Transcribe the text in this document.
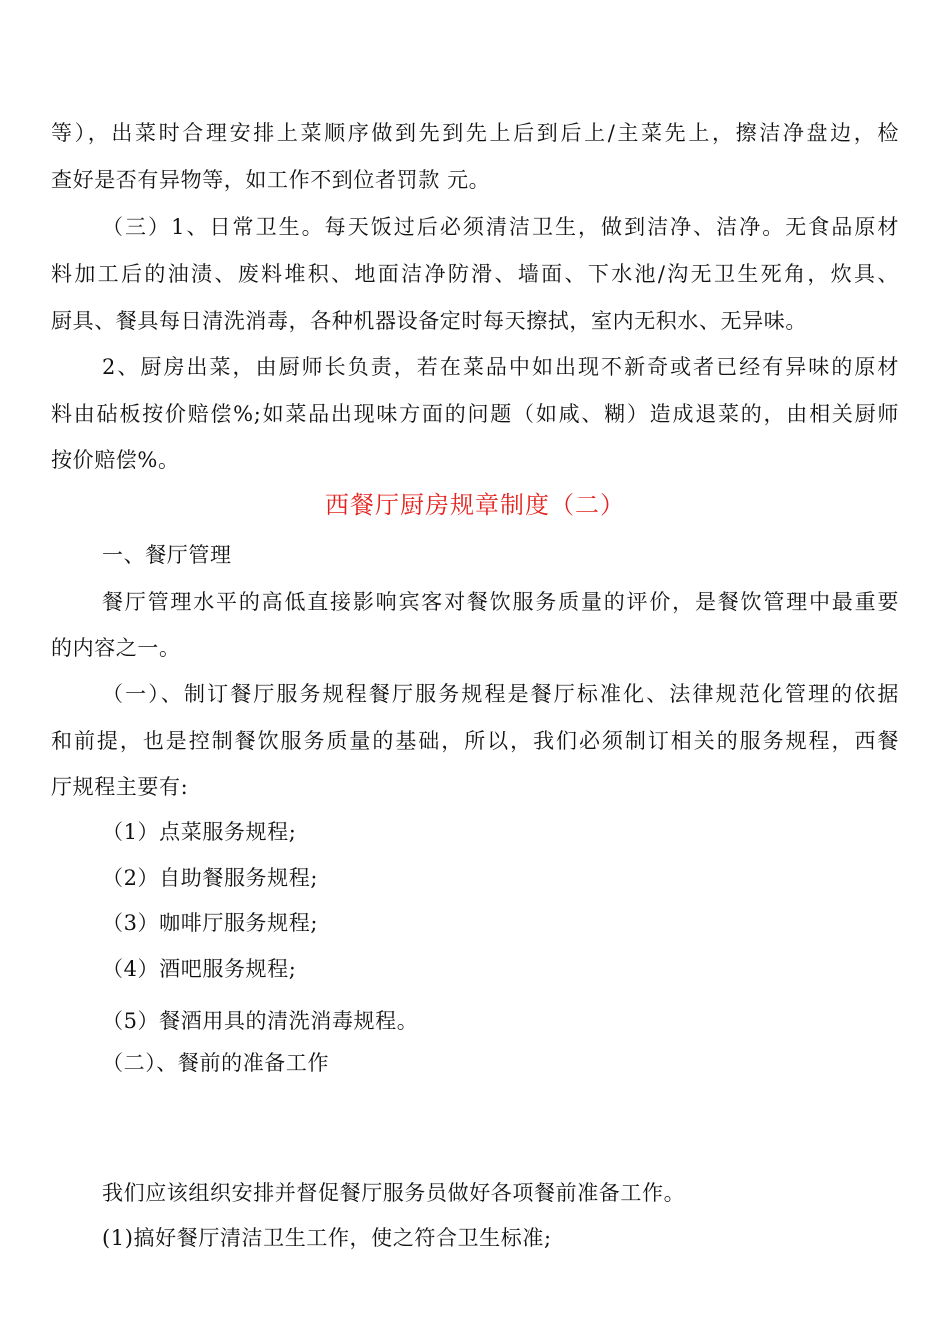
等），出菜时合理安排上菜顺序做到先到先上后到后上/主菜先上，擦洁净盘边，检
查好是否有异物等，如工作不到位者罚款 元。
（三）1、日常卫生。每天饭过后必须清洁卫生，做到洁净、洁净。无食品原材
料加工后的油渍、废料堆积、地面洁净防滑、墙面、下水池/沟无卫生死角，炊具、
厨具、餐具每日清洗消毒，各种机器设备定时每天擦拭，室内无积水、无异味。
2、厨房出菜，由厨师长负责，若在菜品中如出现不新奇或者已经有异味的原材
料由砧板按价赔偿%;如菜品出现味方面的问题（如咸、糊）造成退菜的，由相关厨师
按价赔偿%。
西餐厅厨房规章制度（二）
一、餐厅管理
餐厅管理水平的高低直接影响宾客对餐饮服务质量的评价，是餐饮管理中最重要
的内容之一。
（一）、制订餐厅服务规程餐厅服务规程是餐厅标准化、法律规范化管理的依据
和前提，也是控制餐饮服务质量的基础，所以，我们必须制订相关的服务规程，西餐
厅规程主要有:
（1）点菜服务规程;
（2）自助餐服务规程;
（3）咖啡厅服务规程;
（4）酒吧服务规程;
（5）餐酒用具的清洗消毒规程。
（二）、餐前的准备工作
我们应该组织安排并督促餐厅服务员做好各项餐前准备工作。
(1)搞好餐厅清洁卫生工作，使之符合卫生标准;
